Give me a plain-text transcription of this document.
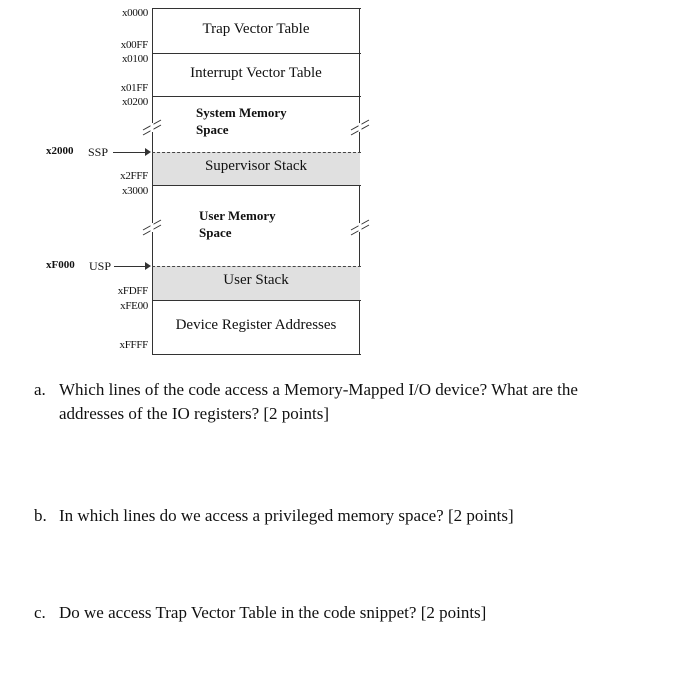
Trap Vector Table
Interrupt Vector Table
System Memory
Space
Supervisor Stack
User Memory
Space
User Stack
Device Register Addresses
x0000
x00FF
x0100
x01FF
x0200
x2FFF
x3000
xFDFF
xFE00
xFFFF
x2000 SSP
xF000 USP
a. Which lines of the code access a Memory-Mapped I/O device? What are the
addresses of the IO registers? [2 points]
b. In which lines do we access a privileged memory space? [2 points]
c. Do we access Trap Vector Table in the code snippet? [2 points]
